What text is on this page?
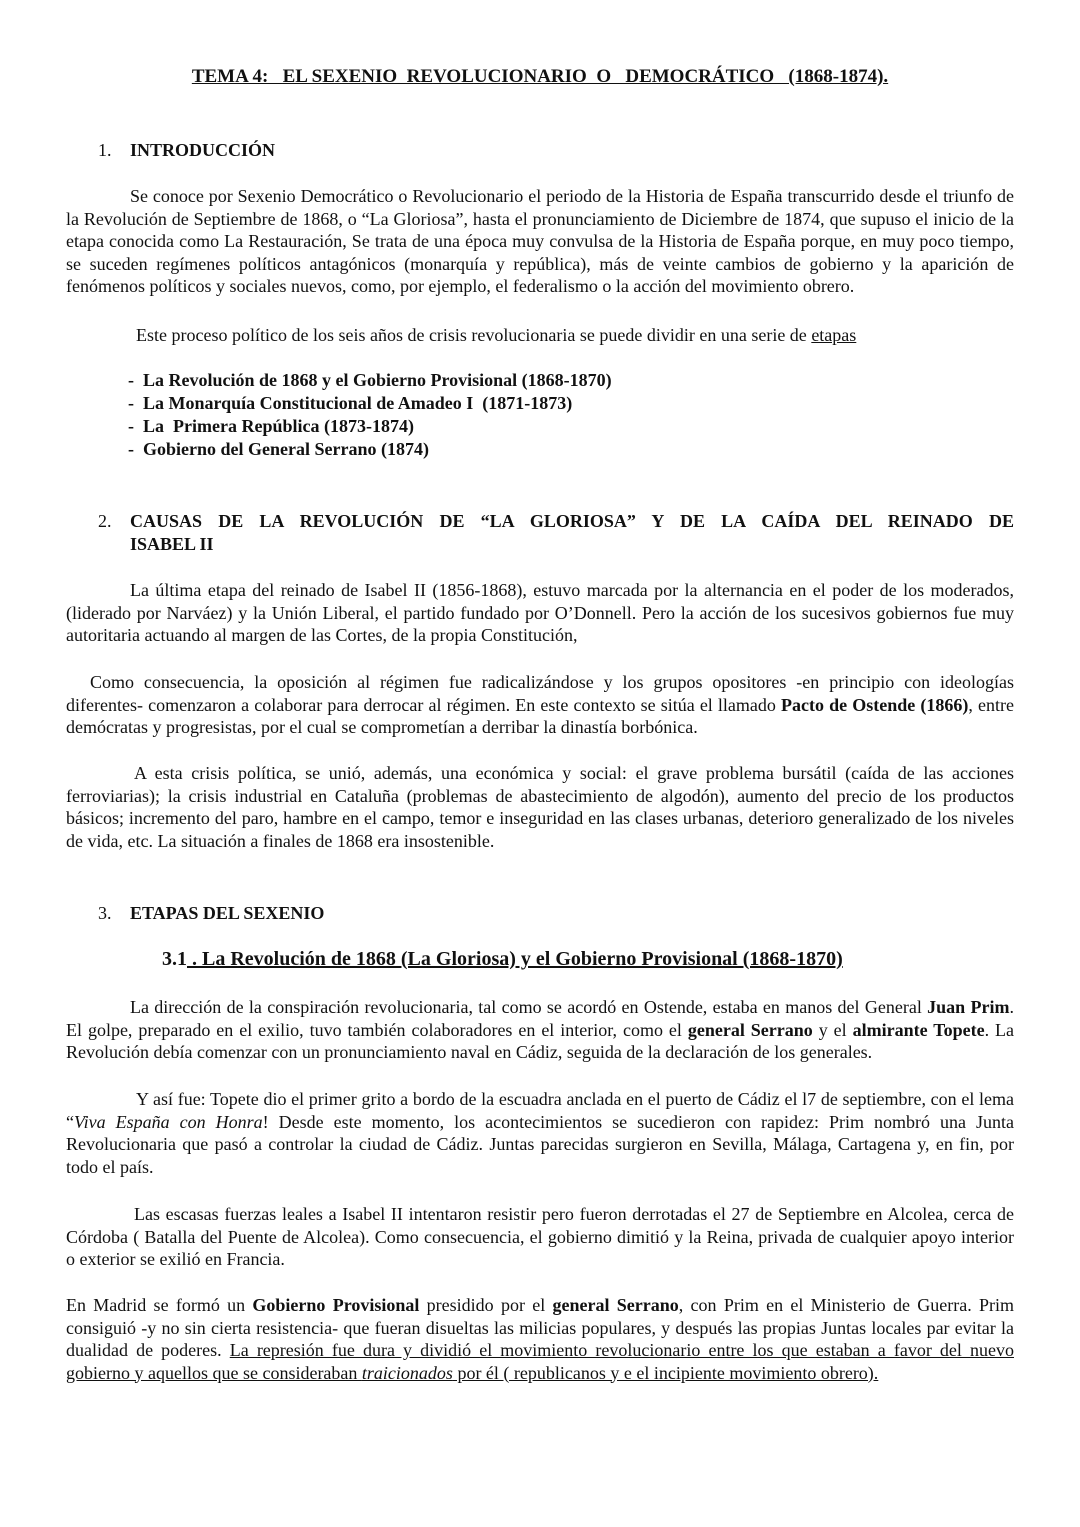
TEMA 4:   EL SEXENIO  REVOLUCIONARIO  O   DEMOCRÁTICO   (1868-1874).
1. INTRODUCCIÓN
Se conoce por Sexenio Democrático o Revolucionario el periodo de la Historia de España transcurrido desde el triunfo de la Revolución de Septiembre de 1868, o “La Gloriosa”, hasta el pronunciamiento de Diciembre de 1874, que supuso el inicio de la etapa conocida como La Restauración, Se trata de una época muy convulsa de la Historia de España porque, en muy poco tiempo, se suceden regímenes políticos antagónicos (monarquía y república), más de veinte cambios de gobierno y la aparición de fenómenos políticos y sociales nuevos, como, por ejemplo, el federalismo o la acción del movimiento obrero.
Este proceso político de los seis años de crisis revolucionaria se puede dividir en una serie de etapas
-  La Revolución de 1868 y el Gobierno Provisional (1868-1870)
-  La Monarquía Constitucional de Amadeo I  (1871-1873)
-  La  Primera República (1873-1874)
-  Gobierno del General Serrano (1874)
2. CAUSAS DE LA REVOLUCIÓN DE “LA GLORIOSA” Y DE LA CAÍDA DEL REINADO DE
ISABEL II
La última etapa del reinado de Isabel II (1856-1868), estuvo marcada por la alternancia en el poder de los moderados, (liderado por Narváez) y la Unión Liberal, el partido fundado por O’Donnell. Pero la acción de los sucesivos gobiernos fue muy autoritaria actuando al margen de las Cortes, de la propia Constitución,
Como consecuencia, la oposición al régimen fue radicalizándose y los grupos opositores -en principio con ideologías diferentes- comenzaron a colaborar para derrocar al régimen. En este contexto se sitúa el llamado Pacto de Ostende (1866), entre demócratas y progresistas, por el cual se comprometían a derribar la dinastía borbónica.
A esta crisis política, se unió, además, una económica y social: el grave problema bursátil (caída de las acciones ferroviarias); la crisis industrial en Cataluña (problemas de abastecimiento de algodón), aumento del precio de los productos básicos; incremento del paro, hambre en el campo, temor e inseguridad en las clases urbanas, deterioro generalizado de los niveles de vida, etc. La situación a finales de 1868 era insostenible.
3. ETAPAS DEL SEXENIO
3.1 . La Revolución de 1868 (La Gloriosa) y el Gobierno Provisional (1868-1870)
La dirección de la conspiración revolucionaria, tal como se acordó en Ostende, estaba en manos del General Juan Prim. El golpe, preparado en el exilio, tuvo también colaboradores en el interior, como el general Serrano y el almirante Topete. La Revolución debía comenzar con un pronunciamiento naval en Cádiz, seguida de la declaración de los generales.
Y así fue: Topete dio el primer grito a bordo de la escuadra anclada en el puerto de Cádiz el l7 de septiembre, con el lema “Viva España con Honra! Desde este momento, los acontecimientos se sucedieron con rapidez: Prim nombró una Junta Revolucionaria que pasó a controlar la ciudad de Cádiz. Juntas parecidas surgieron en Sevilla, Málaga, Cartagena y, en fin, por todo el país.
Las escasas fuerzas leales a Isabel II intentaron resistir pero fueron derrotadas el 27 de Septiembre en Alcolea, cerca de Córdoba ( Batalla del Puente de Alcolea). Como consecuencia, el gobierno dimitió y la Reina, privada de cualquier apoyo interior o exterior se exilió en Francia.
En Madrid se formó un Gobierno Provisional presidido por el general Serrano, con Prim en el Ministerio de Guerra. Prim consiguió -y no sin cierta resistencia- que fueran disueltas las milicias populares, y después las propias Juntas locales par evitar la dualidad de poderes. La represión fue dura y dividió el movimiento revolucionario entre los que estaban a favor del nuevo gobierno y aquellos que se consideraban traicionados por él ( republicanos y e el incipiente movimiento obrero).
